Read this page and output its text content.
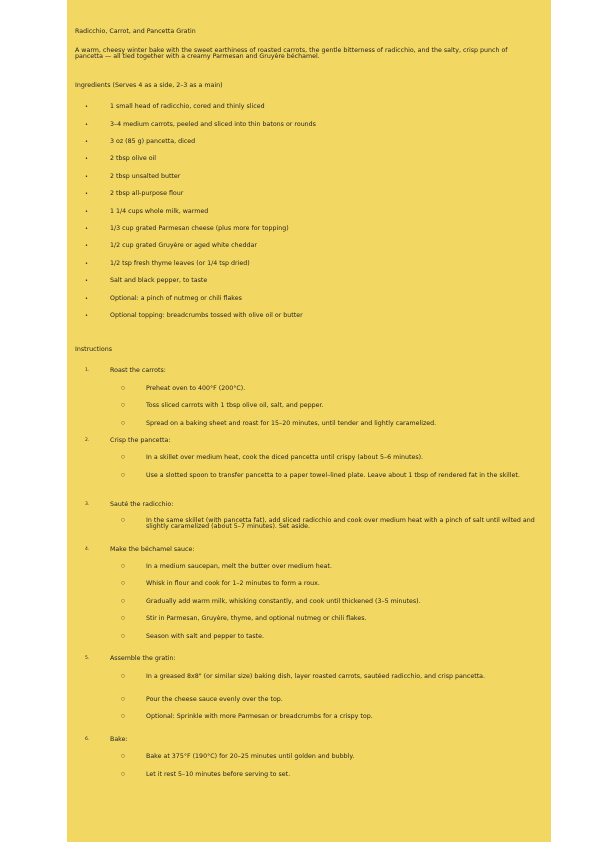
Radicchio, Carrot, and Pancetta Gratin
A warm, cheesy winter bake with the sweet earthiness of roasted carrots, the gentle bitterness of radicchio, and the salty, crisp punch of pancetta — all tied together with a creamy Parmesan and Gruyère béchamel.
Ingredients (Serves 4 as a side, 2–3 as a main)
•	1 small head of radicchio, cored and thinly sliced
•	3–4 medium carrots, peeled and sliced into thin batons or rounds
•	3 oz (85 g) pancetta, diced
•	2 tbsp olive oil
•	2 tbsp unsalted butter
•	2 tbsp all-purpose flour
•	1 1/4 cups whole milk, warmed
•	1/3 cup grated Parmesan cheese (plus more for topping)
•	1/2 cup grated Gruyère or aged white cheddar
•	1/2 tsp fresh thyme leaves (or 1/4 tsp dried)
•	Salt and black pepper, to taste
•	Optional: a pinch of nutmeg or chili flakes
•	Optional topping: breadcrumbs tossed with olive oil or butter
Instructions
1.	Roast the carrots:
○	Preheat oven to 400°F (200°C).
○	Toss sliced carrots with 1 tbsp olive oil, salt, and pepper.
○	Spread on a baking sheet and roast for 15–20 minutes, until tender and lightly caramelized.
2.	Crisp the pancetta:
○	In a skillet over medium heat, cook the diced pancetta until crispy (about 5–6 minutes).
○	Use a slotted spoon to transfer pancetta to a paper towel–lined plate. Leave about 1 tbsp of rendered fat in the skillet.
3.	Sauté the radicchio:
○	In the same skillet (with pancetta fat), add sliced radicchio and cook over medium heat with a pinch of salt until wilted and slightly caramelized (about 5–7 minutes). Set aside.
4.	Make the béchamel sauce:
○	In a medium saucepan, melt the butter over medium heat.
○	Whisk in flour and cook for 1–2 minutes to form a roux.
○	Gradually add warm milk, whisking constantly, and cook until thickened (3–5 minutes).
○	Stir in Parmesan, Gruyère, thyme, and optional nutmeg or chili flakes.
○	Season with salt and pepper to taste.
5.	Assemble the gratin:
○	In a greased 8x8" (or similar size) baking dish, layer roasted carrots, sautéed radicchio, and crisp pancetta.
○	Pour the cheese sauce evenly over the top.
○	Optional: Sprinkle with more Parmesan or breadcrumbs for a crispy top.
6.	Bake:
○	Bake at 375°F (190°C) for 20–25 minutes until golden and bubbly.
○	Let it rest 5–10 minutes before serving to set.
